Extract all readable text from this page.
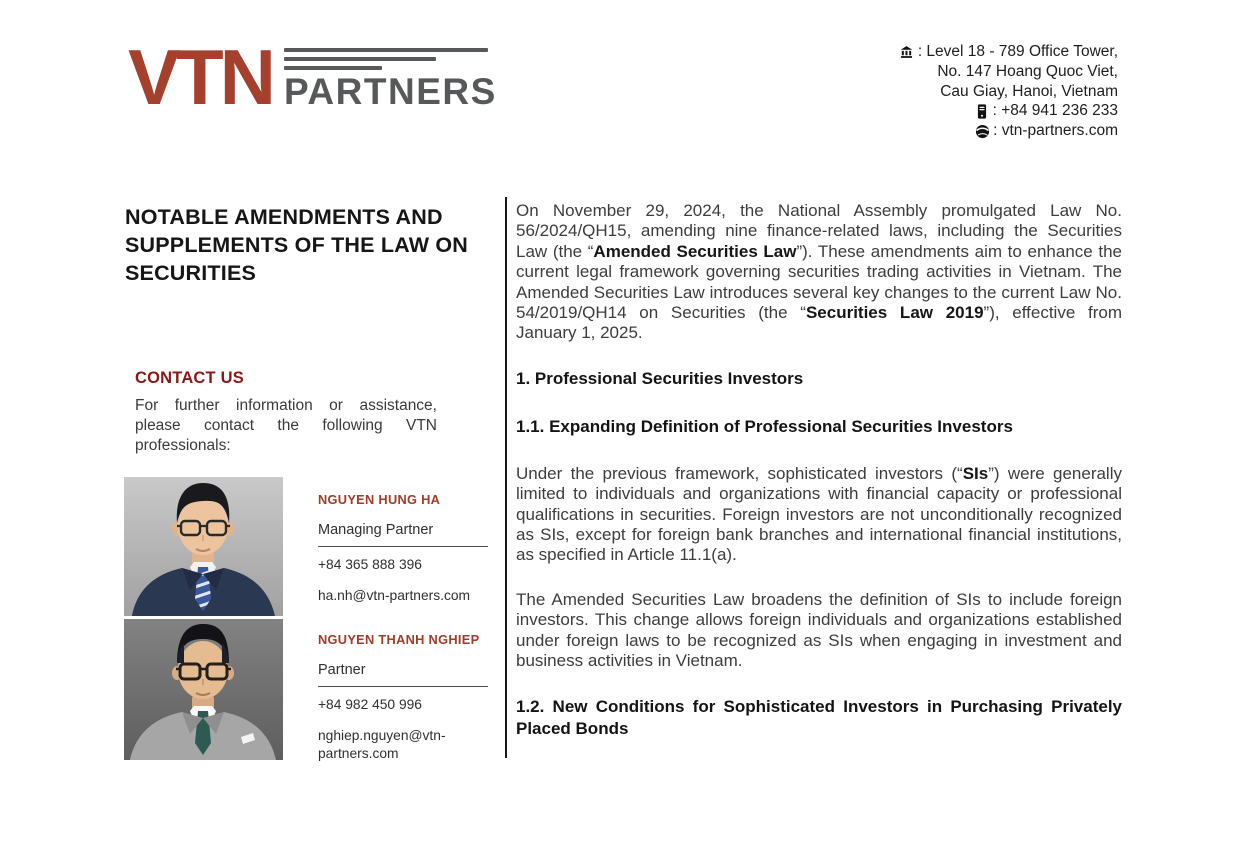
VTN PARTNERS
: Level 18 - 789 Office Tower,
No. 147 Hoang Quoc Viet,
Cau Giay, Hanoi, Vietnam
: +84 941 236 233
: vtn-partners.com
NOTABLE AMENDMENTS AND SUPPLEMENTS OF THE LAW ON SECURITIES
CONTACT US

For further information or assistance, please contact the following VTN professionals:

NGUYEN HUNG HA
Managing Partner
+84 365 888 396
ha.nh@vtn-partners.com
NGUYEN THANH NGHIEP
Partner
+84 982 450 996
nghiep.nguyen@vtn-partners.com

On November 29, 2024, the National Assembly promulgated Law No. 56/2024/QH15, amending nine finance-related laws, including the Securities Law (the “Amended Securities Law”). These amendments aim to enhance the current legal framework governing securities trading activities in Vietnam. The Amended Securities Law introduces several key changes to the current Law No. 54/2019/QH14 on Securities (the “Securities Law 2019”), effective from January 1, 2025.

1. Professional Securities Investors
1.1. Expanding Definition of Professional Securities Investors

Under the previous framework, sophisticated investors (“SIs”) were generally limited to individuals and organizations with financial capacity or professional qualifications in securities. Foreign investors are not unconditionally recognized as SIs, except for foreign bank branches and international financial institutions, as specified in Article 11.1(a).

The Amended Securities Law broadens the definition of SIs to include foreign investors. This change allows foreign individuals and organizations established under foreign laws to be recognized as SIs when engaging in investment and business activities in Vietnam.

1.2. New Conditions for Sophisticated Investors in Purchasing Privately Placed Bonds
